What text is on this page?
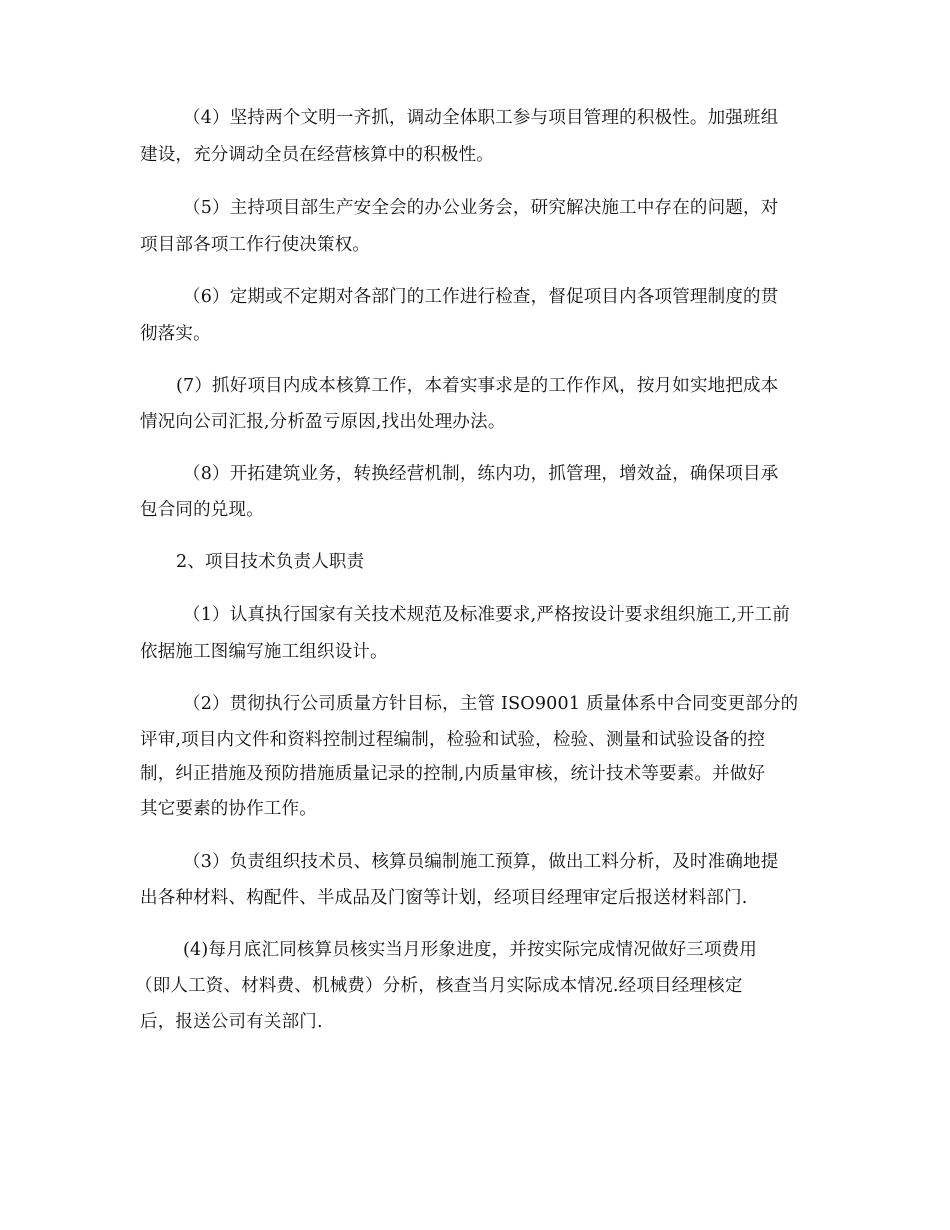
（4）坚持两个文明一齐抓，调动全体职工参与项目管理的积极性。加强班组
建设，充分调动全员在经营核算中的积极性。
（5）主持项目部生产安全会的办公业务会，研究解决施工中存在的问题，对
项目部各项工作行使决策权。
（6）定期或不定期对各部门的工作进行检查，督促项目内各项管理制度的贯
彻落实。
(7）抓好项目内成本核算工作，本着实事求是的工作作风，按月如实地把成本
情况向公司汇报,分析盈亏原因,找出处理办法。
（8）开拓建筑业务，转换经营机制，练内功，抓管理，增效益，确保项目承
包合同的兑现。
2、项目技术负责人职责
（1）认真执行国家有关技术规范及标准要求,严格按设计要求组织施工,开工前
依据施工图编写施工组织设计。
（2）贯彻执行公司质量方针目标，主管 ISO9001 质量体系中合同变更部分的
评审,项目内文件和资料控制过程编制，检验和试验，检验、测量和试验设备的控
制，纠正措施及预防措施质量记录的控制,内质量审核，统计技术等要素。并做好
其它要素的协作工作。
（3）负责组织技术员、核算员编制施工预算，做出工料分析，及时准确地提
出各种材料、构配件、半成品及门窗等计划，经项目经理审定后报送材料部门.
(4)每月底汇同核算员核实当月形象进度，并按实际完成情况做好三项费用
（即人工资、材料费、机械费）分析，核查当月实际成本情况.经项目经理核定
后，报送公司有关部门.
